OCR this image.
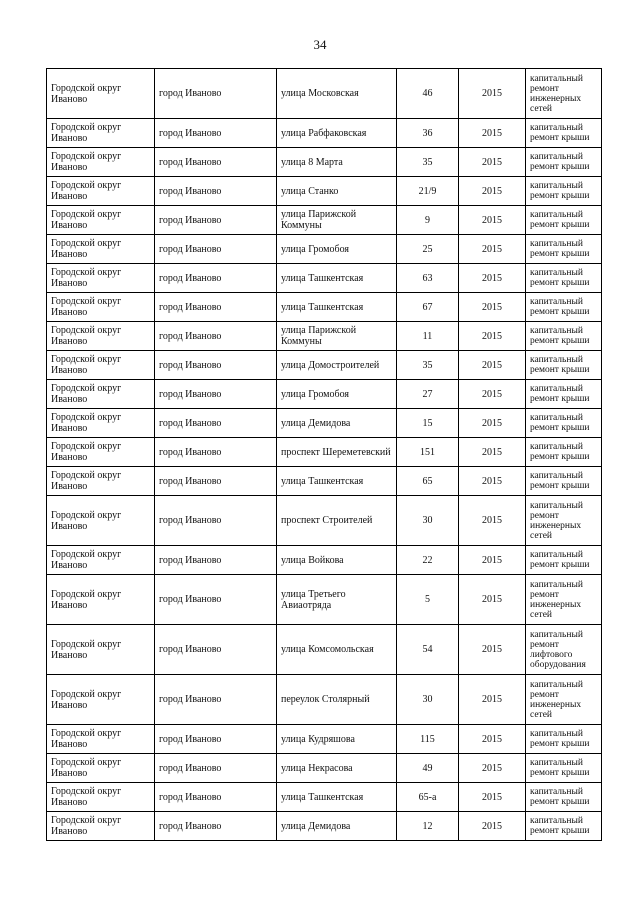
34
Городской округ Иваново	город Иваново	улица Московская	46	2015	капитальный ремонт инженерных сетей
Городской округ Иваново	город Иваново	улица Рабфаковская	36	2015	капитальный ремонт крыши
Городской округ Иваново	город Иваново	улица 8 Марта	35	2015	капитальный ремонт крыши
Городской округ Иваново	город Иваново	улица Станко	21/9	2015	капитальный ремонт крыши
Городской округ Иваново	город Иваново	улица Парижской Коммуны	9	2015	капитальный ремонт крыши
Городской округ Иваново	город Иваново	улица Громобоя	25	2015	капитальный ремонт крыши
Городской округ Иваново	город Иваново	улица Ташкентская	63	2015	капитальный ремонт крыши
Городской округ Иваново	город Иваново	улица Ташкентская	67	2015	капитальный ремонт крыши
Городской округ Иваново	город Иваново	улица Парижской Коммуны	11	2015	капитальный ремонт крыши
Городской округ Иваново	город Иваново	улица Домостроителей	35	2015	капитальный ремонт крыши
Городской округ Иваново	город Иваново	улица Громобоя	27	2015	капитальный ремонт крыши
Городской округ Иваново	город Иваново	улица Демидова	15	2015	капитальный ремонт крыши
Городской округ Иваново	город Иваново	проспект Шереметевский	151	2015	капитальный ремонт крыши
Городской округ Иваново	город Иваново	улица Ташкентская	65	2015	капитальный ремонт крыши
Городской округ Иваново	город Иваново	проспект Строителей	30	2015	капитальный ремонт инженерных сетей
Городской округ Иваново	город Иваново	улица Войкова	22	2015	капитальный ремонт крыши
Городской округ Иваново	город Иваново	улица Третьего Авиаотряда	5	2015	капитальный ремонт инженерных сетей
Городской округ Иваново	город Иваново	улица Комсомольская	54	2015	капитальный ремонт лифтового оборудования
Городской округ Иваново	город Иваново	переулок Столярный	30	2015	капитальный ремонт инженерных сетей
Городской округ Иваново	город Иваново	улица Кудряшова	115	2015	капитальный ремонт крыши
Городской округ Иваново	город Иваново	улица Некрасова	49	2015	капитальный ремонт крыши
Городской округ Иваново	город Иваново	улица Ташкентская	65-а	2015	капитальный ремонт крыши
Городской округ Иваново	город Иваново	улица Демидова	12	2015	капитальный ремонт крыши
